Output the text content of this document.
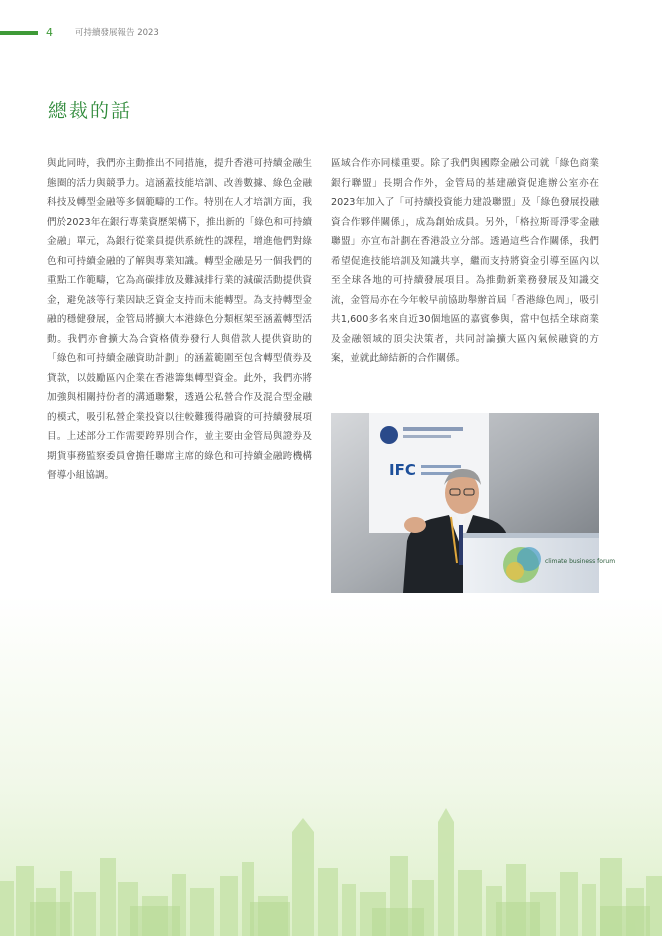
4	可持續發展報告 2023
總裁的話

與此同時，我們亦主動推出不同措施，提升香港可持續金融生態圈的活力與競爭力。這涵蓋技能培訓、改善數據、綠色金融科技及轉型金融等多個範疇的工作。特別在人才培訓方面，我們於2023年在銀行專業資歷架構下，推出新的「綠色和可持續金融」單元，為銀行從業員提供系統性的課程，增進他們對綠色和可持續金融的了解與專業知識。轉型金融是另一個我們的重點工作範疇，它為高碳排放及難減排行業的減碳活動提供資金，避免該等行業因缺乏資金支持而未能轉型。為支持轉型金融的穩健發展，金管局將擴大本港綠色分類框架至涵蓋轉型活動。我們亦會擴大為合資格債券發行人與借款人提供資助的「綠色和可持續金融資助計劃」的涵蓋範圍至包含轉型債券及貸款，以鼓勵區內企業在香港籌集轉型資金。此外，我們亦將加強與相關持份者的溝通聯繫，透過公私營合作及混合型金融的模式，吸引私營企業投資以往較難獲得融資的可持續發展項目。上述部分工作需要跨界別合作，並主要由金管局與證券及期貨事務監察委員會擔任聯席主席的綠色和可持續金融跨機構督導小組協調。

區域合作亦同樣重要。除了我們與國際金融公司就「綠色商業銀行聯盟」長期合作外，金管局的基建融資促進辦公室亦在2023年加入了「可持續投資能力建設聯盟」及「綠色發展投融資合作夥伴關係」，成為創始成員。另外，「格拉斯哥淨零金融聯盟」亦宣布計劃在香港設立分部。透過這些合作關係，我們希望促進技能培訓及知識共享，繼而支持將資金引導至區內以至全球各地的可持續發展項目。為推動新業務發展及知識交流，金管局亦在今年較早前協助舉辦首屆「香港綠色周」，吸引共1,600多名來自近30個地區的嘉賓參與，當中包括全球商業及金融領域的頂尖決策者，共同討論擴大區內氣候融資的方案，並就此締結新的合作關係。

IFC
climate business forum
